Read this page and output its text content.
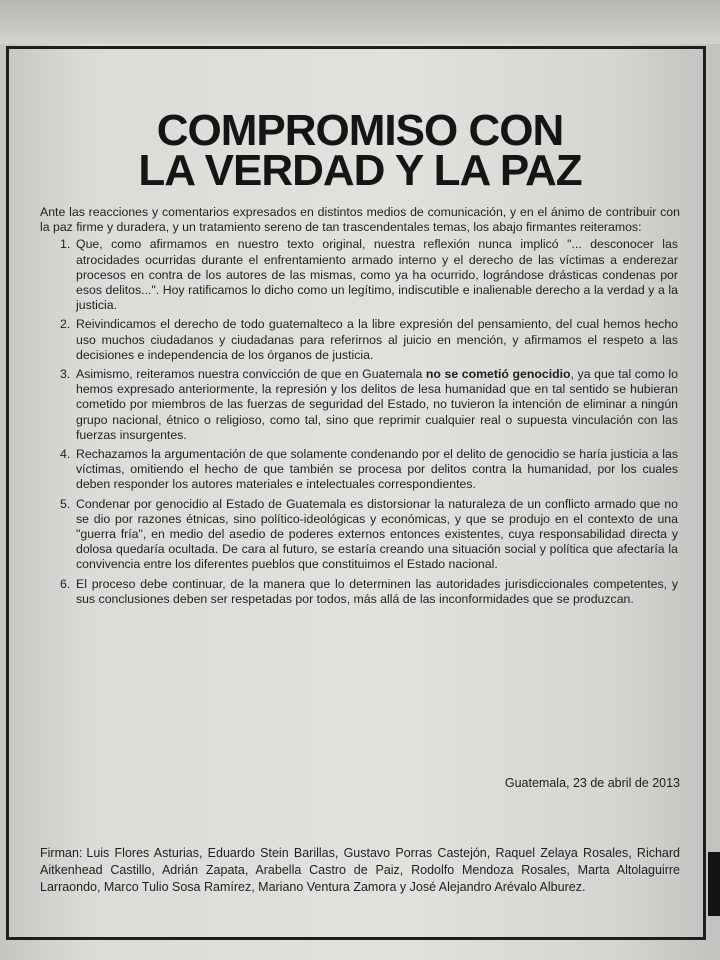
COMPROMISO CON
LA VERDAD Y LA PAZ

Ante las reacciones y comentarios expresados en distintos medios de comunicación, y en el ánimo de contribuir con la paz firme y duradera, y un tratamiento sereno de tan trascendentales temas, los abajo firmantes reiteramos:

1. Que, como afirmamos en nuestro texto original, nuestra reflexión nunca implicó "... desconocer las atrocidades ocurridas durante el enfrentamiento armado interno y el derecho de las víctimas a enderezar procesos en contra de los autores de las mismas, como ya ha ocurrido, lográndose drásticas condenas por esos delitos...". Hoy ratificamos lo dicho como un legítimo, indiscutible e inalienable derecho a la verdad y a la justicia.
2. Reivindicamos el derecho de todo guatemalteco a la libre expresión del pensamiento, del cual hemos hecho uso muchos ciudadanos y ciudadanas para referirnos al juicio en mención, y afirmamos el respeto a las decisiones e independencia de los órganos de justicia.
3. Asimismo, reiteramos nuestra convicción de que en Guatemala no se cometió genocidio, ya que tal como lo hemos expresado anteriormente, la represión y los delitos de lesa humanidad que en tal sentido se hubieran cometido por miembros de las fuerzas de seguridad del Estado, no tuvieron la intención de eliminar a ningún grupo nacional, étnico o religioso, como tal, sino que reprimir cualquier real o supuesta vinculación con las fuerzas insurgentes.
4. Rechazamos la argumentación de que solamente condenando por el delito de genocidio se haría justicia a las víctimas, omitiendo el hecho de que también se procesa por delitos contra la humanidad, por los cuales deben responder los autores materiales e intelectuales correspondientes.
5. Condenar por genocidio al Estado de Guatemala es distorsionar la naturaleza de un conflicto armado que no se dio por razones étnicas, sino político-ideológicas y económicas, y que se produjo en el contexto de una "guerra fría", en medio del asedio de poderes externos entonces existentes, cuya responsabilidad directa y dolosa quedaría ocultada. De cara al futuro, se estaría creando una situación social y política que afectaría la convivencia entre los diferentes pueblos que constituimos el Estado nacional.
6. El proceso debe continuar, de la manera que lo determinen las autoridades jurisdiccionales competentes, y sus conclusiones deben ser respetadas por todos, más allá de las inconformidades que se produzcan.
Guatemala, 23 de abril de 2013

Firman: Luis Flores Asturias, Eduardo Stein Barillas, Gustavo Porras Castejón, Raquel Zelaya Rosales, Richard Aitkenhead Castillo, Adrián Zapata, Arabella Castro de Paiz, Rodolfo Mendoza Rosales, Marta Altolaguirre Larraondo, Marco Tulio Sosa Ramírez, Mariano Ventura Zamora y José Alejandro Arévalo Alburez.
